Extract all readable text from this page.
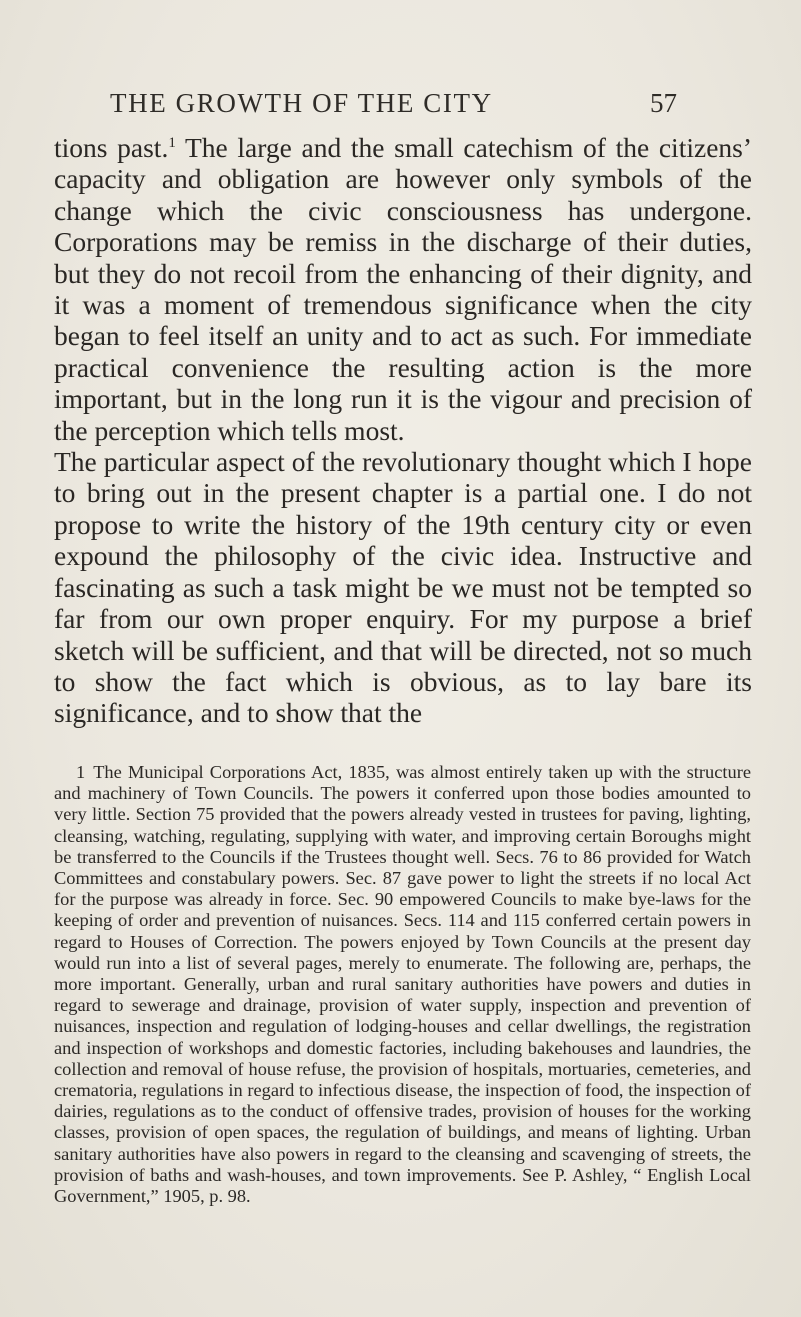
THE GROWTH OF THE CITY	57

tions past.$^1$ The large and the small catechism of the citizens’ capacity and obligation are however only symbols of the change which the civic consciousness has undergone. Corporations may be remiss in the discharge of their duties, but they do not recoil from the enhancing of their dignity, and it was a moment of tremendous significance when the city began to feel itself an unity and to act as such. For immediate practical convenience the resulting action is the more important, but in the long run it is the vigour and precision of the perception which tells most.

The particular aspect of the revolutionary thought which I hope to bring out in the present chapter is a partial one. I do not propose to write the history of the 19th century city or even expound the philosophy of the civic idea. Instructive and fascinating as such a task might be we must not be tempted so far from our own proper enquiry. For my purpose a brief sketch will be sufficient, and that will be directed, not so much to show the fact which is obvious, as to lay bare its significance, and to show that the

1 The Municipal Corporations Act, 1835, was almost entirely taken up with the structure and machinery of Town Councils. The powers it conferred upon those bodies amounted to very little. Section 75 provided that the powers already vested in trustees for paving, lighting, cleansing, watching, regulating, supplying with water, and improving certain Boroughs might be transferred to the Councils if the Trustees thought well. Secs. 76 to 86 provided for Watch Committees and constabulary powers. Sec. 87 gave power to light the streets if no local Act for the purpose was already in force. Sec. 90 empowered Councils to make bye-laws for the keeping of order and prevention of nuisances. Secs. 114 and 115 conferred certain powers in regard to Houses of Correction. The powers enjoyed by Town Councils at the present day would run into a list of several pages, merely to enumerate. The following are, perhaps, the more important. Generally, urban and rural sanitary authorities have powers and duties in regard to sewerage and drainage, provision of water supply, inspection and prevention of nuisances, inspection and regulation of lodging-houses and cellar dwellings, the registration and inspection of workshops and domestic factories, including bakehouses and laundries, the collection and removal of house refuse, the provision of hospitals, mortuaries, cemeteries, and crematoria, regulations in regard to infectious disease, the inspection of food, the inspection of dairies, regulations as to the conduct of offensive trades, provision of houses for the working classes, provision of open spaces, the regulation of buildings, and means of lighting. Urban sanitary authorities have also powers in regard to the cleansing and scavenging of streets, the provision of baths and wash-houses, and town improvements. See P. Ashley, “ English Local Government,” 1905, p. 98.
